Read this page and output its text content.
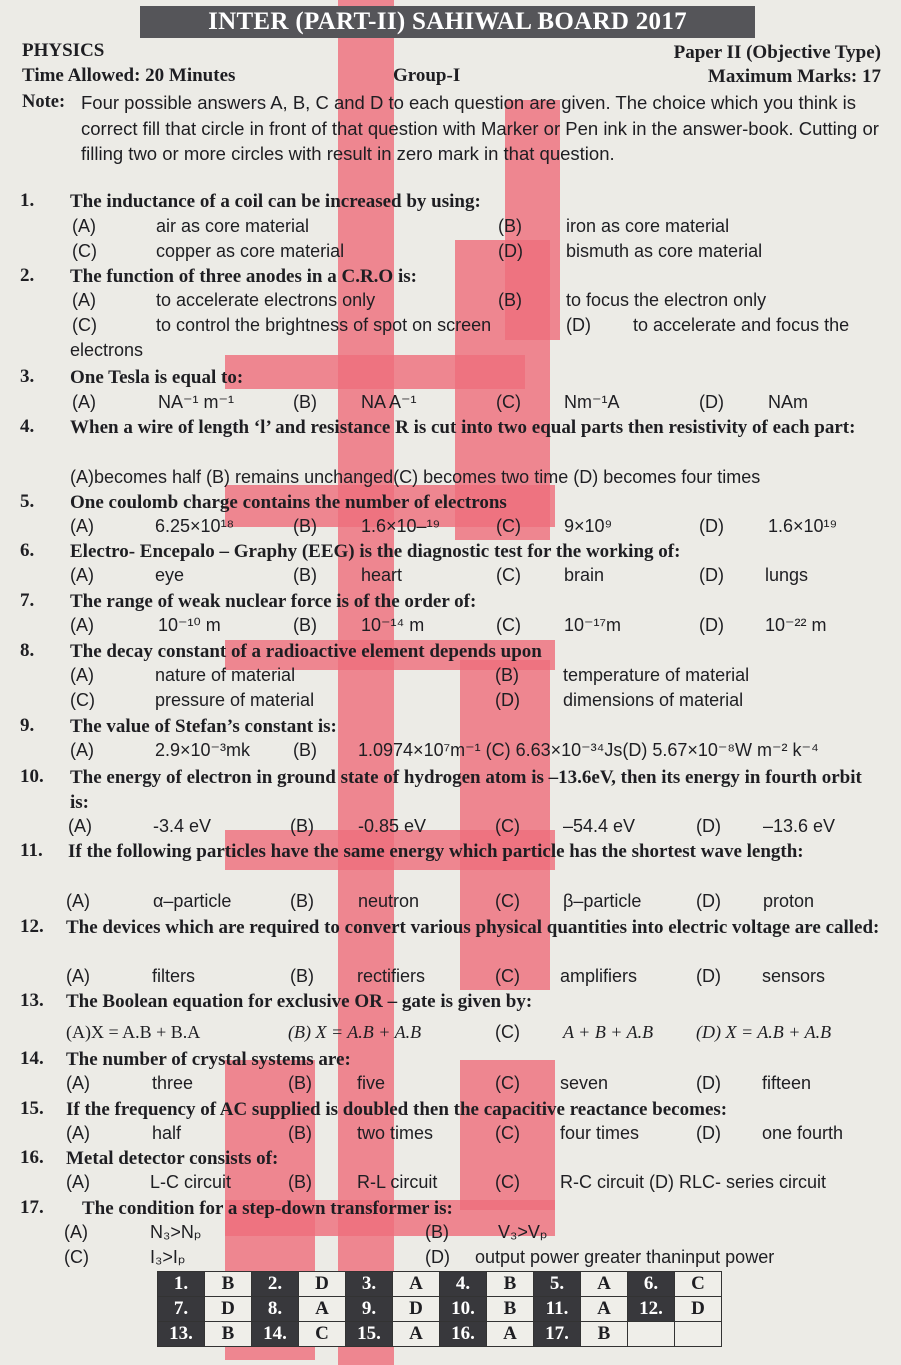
INTER (PART-II) SAHIWAL BOARD 2017
PHYSICS	Paper II (Objective Type)
Time Allowed: 20 Minutes	Group-I	Maximum Marks: 17
Note: Four possible answers A, B, C and D to each question are given. The choice which you think is correct fill that circle in front of that question with Marker or Pen ink in the answer-book. Cutting or filling two or more circles with result in zero mark in that question.
1. The inductance of a coil can be increased by using:
(A)	air as core material	(B) iron as core material
(C)	copper as core material	(D) bismuth as core material
2. The function of three anodes in a C.R.O is:
(A)	to accelerate electrons only	(B) to focus the electron only
(C)	to control the brightness of spot on screen	(D) to accelerate and focus the
electrons
3. One Tesla is equal to:
(A)	NA⁻¹ m⁻¹	(B) NA A⁻¹	(C) Nm⁻¹A	(D) NAm
4. When a wire of length ‘l’ and resistance R is cut into two equal parts then resistivity of each part:
(A)becomes half (B) remains unchanged(C) becomes two time (D) becomes four times
5. One coulomb charge contains the number of electrons
(A)	6.25×10¹⁸	(B) 1.6×10–¹⁹	(C) 9×10⁹	(D) 1.6×10¹⁹
6. Electro- Encepalo – Graphy (EEG) is the diagnostic test for the working of:
(A)	eye	(B) heart	(C) brain	(D) lungs
7. The range of weak nuclear force is of the order of:
(A)	10⁻¹⁰ m	(B) 10⁻¹⁴ m	(C) 10⁻¹⁷m	(D) 10⁻²² m
8. The decay constant of a radioactive element depends upon
(A)	nature of material	(B) temperature of material
(C)	pressure of material	(D) dimensions of material
9. The value of Stefan’s constant is:
(A)	2.9×10⁻³mk (B) 1.0974×10⁷m⁻¹ (C) 6.63×10⁻³⁴Js(D) 5.67×10⁻⁸W m⁻² k⁻⁴
10. The energy of electron in ground state of hydrogen atom is –13.6eV, then its energy in fourth orbit is:
(A)	-3.4 eV	(B) -0.85 eV	(C) –54.4 eV	(D) –13.6 eV
11. If the following particles have the same energy which particle has the shortest wave length:
(A)	α–particle	(B) neutron	(C) β–particle	(D) proton
12. The devices which are required to convert various physical quantities into electric voltage are called:
(A)	filters	(B) rectifiers	(C) amplifiers	(D) sensors
13. The Boolean equation for exclusive OR – gate is given by:
(A)X = A.B + B.A	(B) X = A.B + A.B	(C) A + B + A.B (D) X = A.B + A.B
14. The number of crystal systems are:
(A)	three	(B)	five	(C) seven	(D) fifteen
15. If the frequency of AC supplied is doubled then the capacitive reactance becomes:
(A)	half	(B)	two times	(C) four times	(D) one fourth
16. Metal detector consists of:
(A)	L-C circuit	(B)	R-L circuit	(C) R-C circuit (D) RLC- series circuit
17. The condition for a step-down transformer is:
(A)	N₃>Nₚ	(B)	V₃>Vₚ
(C)	I₃>Iₚ	(D) output power greater thaninput power
1.	B	2.	D	3.	A	4.	B	5.	A	6.	C
7.	D	8.	A	9.	D	10.	B	11.	A	12.	D
13.	B	14.	C	15.	A	16.	A	17.	B		
